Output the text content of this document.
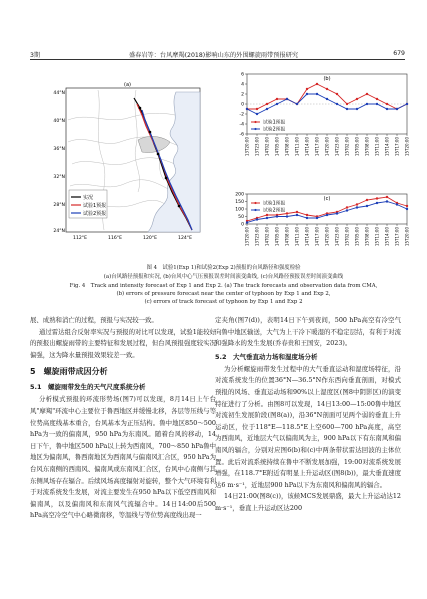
3期	盛春岩等：台风摩羯(2018)影响山东的外围螺旋雨带预报研究	679
(a)
实况
试验1预报
试验2预报
44°N
40°N
36°N
32°N
28°N
24°N
112°E	116°E	120°E	124°E
(b)
-6
-4
-2
0
2
4
6
13T20:00 13T23:00 14T02:00 14T05:00 14T08:00 14T11:00 14T14:00 14T17:00 14T20:00 14T23:00 15T02:00 15T05:00 15T08:00 15T11:00 15T14:00 15T17:00 15T20:00
试验1预报
试验2预报
(c)
0
50
100
150
200
13T20:00 13T23:00 14T02:00 14T05:00 14T08:00 14T11:00 14T14:00 14T17:00 14T20:00 14T23:00 15T02:00 15T05:00 15T08:00 15T11:00 15T14:00 15T17:00 15T20:00
试验1预报
试验2预报
图 4　试验1(Exp 1)和试验2(Exp 2)预报的台风路径和强度检验
(a)台风路径预报和实况, (b)台风中心气压预报误差时间演变曲线, (c)台风路径预报误差时间演变曲线
Fig. 4　Track and intensity forecast of Exp 1 and Exp 2. (a) The track forecasts and observation data from CMA,
(b) errors of pressure forecast near the center of typhoon by Exp 1 and Exp 2,
(c) errors of track forecast of typhoon by Exp 1 and Exp 2

展、成熟和消亡的过程，预报与实况较一致。

通过雷达组合反射率实况与预报的对比可以发现，试验1能较好的预报出螺旋雨带的主要特征和发展过程，但台风预报强度较实况偏强，这为降水量预报效果较差一致。

5　螺旋雨带成因分析
5.1　螺旋雨带发生的天气尺度系统分析

分析模式预报的环流形势场(图7)可以发现，8月14日上午台风"摩羯"环流中心主要位于鲁西地区并缓慢北移，各层等压线与等位势高度线基本重合，台风基本为正压结构。鲁中地区850～500 hPa为一致的偏南风，950 hPa为东南风。随着台风的移动，14日下午，鲁中地区500 hPa以上转为西南风，700～850 hPa鲁中地区为偏南风，鲁西南地区为西南风与偏南风汇合区，950 hPa为台风东南侧的西南风、偏南风或东南风汇合区，台风中心南侧与其东侧风场存在辐合。后续风场高度辐射对旋转，整个大气环境有利于对流系统发生发展，对流主要发生在950 hPa以下低空西南风和偏南风，以及偏南风和东南风气流辐合中。14日14:00后500 hPa高空冷空气中心略微南移，等温线与等位势高度线出现一

定夹角(图7(d))，表明14日下午到夜间，500 hPa高空有冷空气向鲁中地区输送，大气为上干冷下暖湿的不稳定层结，有利于对流和强降水的发生发展(乔春贵和王国安，2023)。

5.2　大气垂直动力场和湿度场分析

为分析螺旋雨带发生过程中的大气垂直运动和湿度场特征，沿对流系统发生的位置36°N—36.5°N作东西向垂直剖面，对模式预报的风场、垂直运动场和90%以上湿度区(图8中阴影区)的演变特征进行了分析。由图8可以发现，14日13:00—15:00鲁中地区对流初生发展阶段(图8(a))，沿36°N剖面可见两个弱的垂直上升运动区，位于118°E—118.5°E上空600—700 hPa高度，高空为西南风，近地层大气以偏南风为主，900 hPa以下有东南风和偏南风的辐合，分别对应图6(b)和(c)中两条带状雷达回波的主体位置。此后对流系统持续在鲁中不断发展加强，19:00对流系统发展增强，在118.7°E附近有明显上升运动区(图8(b))，最大垂直速度达6 m·s⁻¹，近地层900 hPa以下为东南风和偏南风的辐合。

14日21:00(图8(c))，该候MCS发展鼎盛，最大上升运动达12 m·s⁻¹，垂直上升运动区达200
